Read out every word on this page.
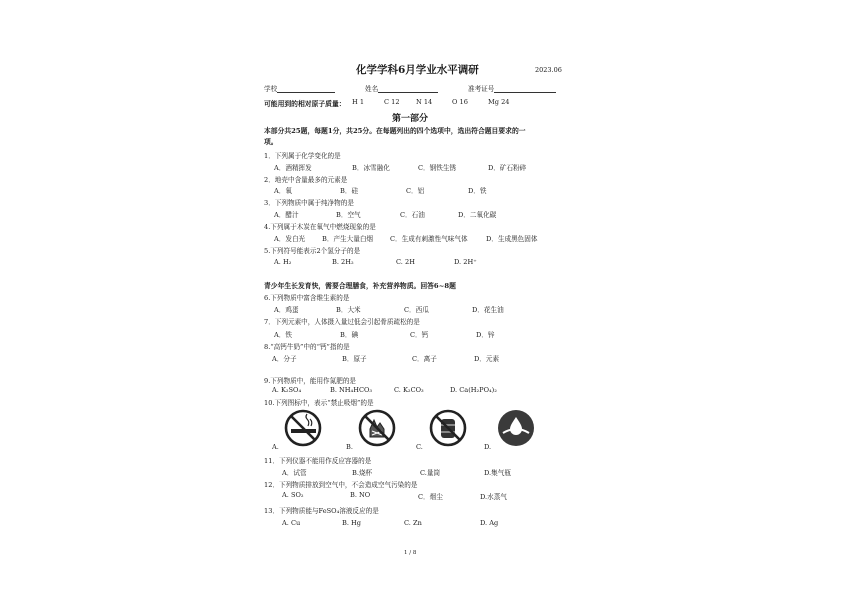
化学学科6月学业水平调研	2023.06
学校	姓名	准考证号
可能用到的相对原子质量： H 1	C 12 N 14	O 16	Mg 24
第一部分
本部分共25题，每题1分，共25分。在每题列出的四个选项中，选出符合题目要求的一
项。
1．下列属于化学变化的是
A．酒精挥发	B．冰雪融化	C．钢铁生锈	D．矿石粉碎
2．地壳中含量最多的元素是
A．氧	B．硅	C．铝	D．铁
3．下列物质中属于纯净物的是
A．醋汁	B．空气	C．石油	D．二氧化碳
4.下列属于木炭在氧气中燃烧现象的是
A．发白光	B．产生大量白烟	C．生成有刺激性气味气体	D．生成黑色固体
5.下列符号能表示2个氢分子的是
A. H₂	B. 2H₂	C. 2H	D. 2H⁺
青少年生长发育快，需要合理膳食，补充营养物质。回答6~8题
6.下列物质中富含维生素的是
A．鸡蛋	B．大米	C．西瓜	D．花生油
7．下列元素中，人体摄入量过低会引起骨质疏松的是
A．铁	B．碘	C．钙	D．锌
8.“高钙牛奶”中的“钙”指的是
A．分子	B．原子	C．离子	D．元素
9.下列物质中，能用作氮肥的是
A. K₂SO₄	B. NH₄HCO₃	C. K₂CO₃	D. Ca(H₂PO₄)₂
10.下列图标中，表示“禁止吸烟”的是
A.	B.	C.	D.
11．下列仪器不能用作反应容器的是
A．试管	B.烧杯	C.量筒	D.集气瓶
12．下列物质排放到空气中，不会造成空气污染的是
A. SO₂	B. NO	C．烟尘	D.水蒸气
13．下列物质能与FeSO₄溶液反应的是
A. Cu	B. Hg	C. Zn	D. Ag
1 / 8
